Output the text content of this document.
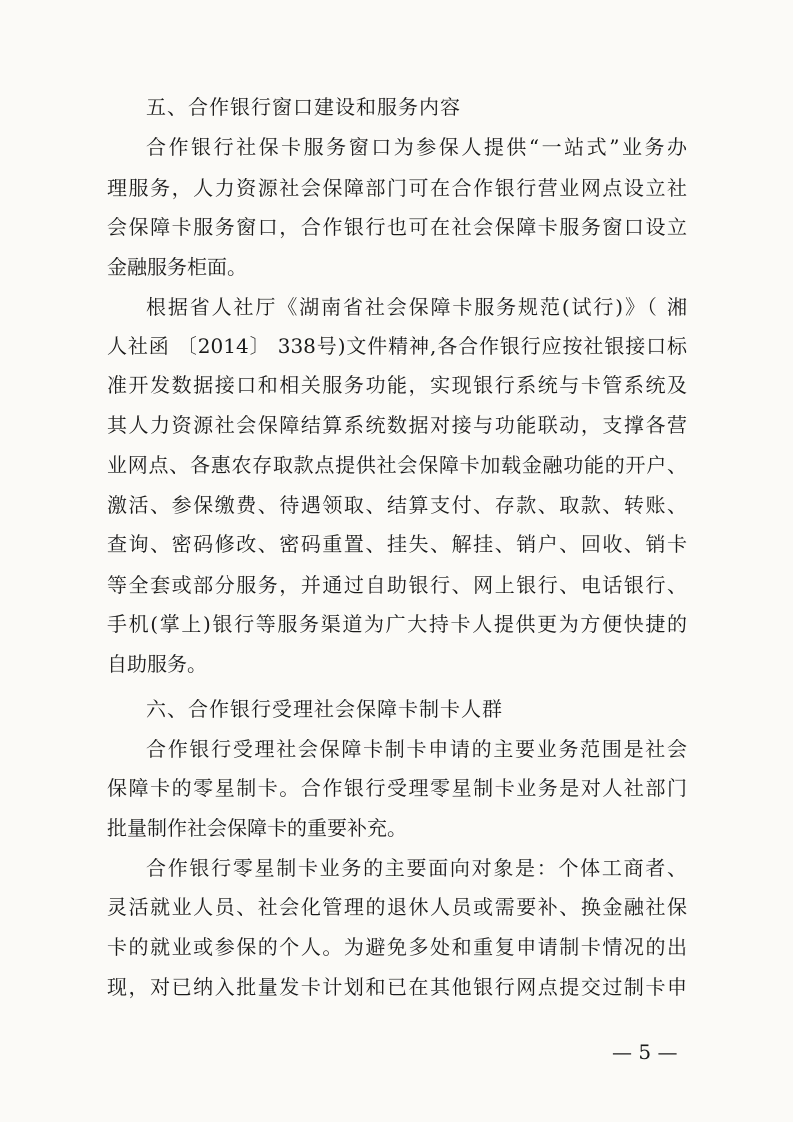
五、合作银行窗口建设和服务内容
合作银行社保卡服务窗口为参保人提供“一站式”业务办
理服务，人力资源社会保障部门可在合作银行营业网点设立社
会保障卡服务窗口，合作银行也可在社会保障卡服务窗口设立
金融服务柜面。
根据省人社厅《湖南省社会保障卡服务规范(试行)》（ 湘
人社函 〔2014〕 338号)文件精神,各合作银行应按社银接口标
准开发数据接口和相关服务功能，实现银行系统与卡管系统及
其人力资源社会保障结算系统数据对接与功能联动，支撑各营
业网点、各惠农存取款点提供社会保障卡加载金融功能的开户、
激活、参保缴费、待遇领取、结算支付、存款、取款、转账、
查询、密码修改、密码重置、挂失、解挂、销户、回收、销卡
等全套或部分服务，并通过自助银行、网上银行、电话银行、
手机(掌上)银行等服务渠道为广大持卡人提供更为方便快捷的
自助服务。
六、合作银行受理社会保障卡制卡人群
合作银行受理社会保障卡制卡申请的主要业务范围是社会
保障卡的零星制卡。合作银行受理零星制卡业务是对人社部门
批量制作社会保障卡的重要补充。
合作银行零星制卡业务的主要面向对象是：个体工商者、
灵活就业人员、社会化管理的退休人员或需要补、换金融社保
卡的就业或参保的个人。为避免多处和重复申请制卡情况的出
现，对已纳入批量发卡计划和已在其他银行网点提交过制卡申
— 5 —
